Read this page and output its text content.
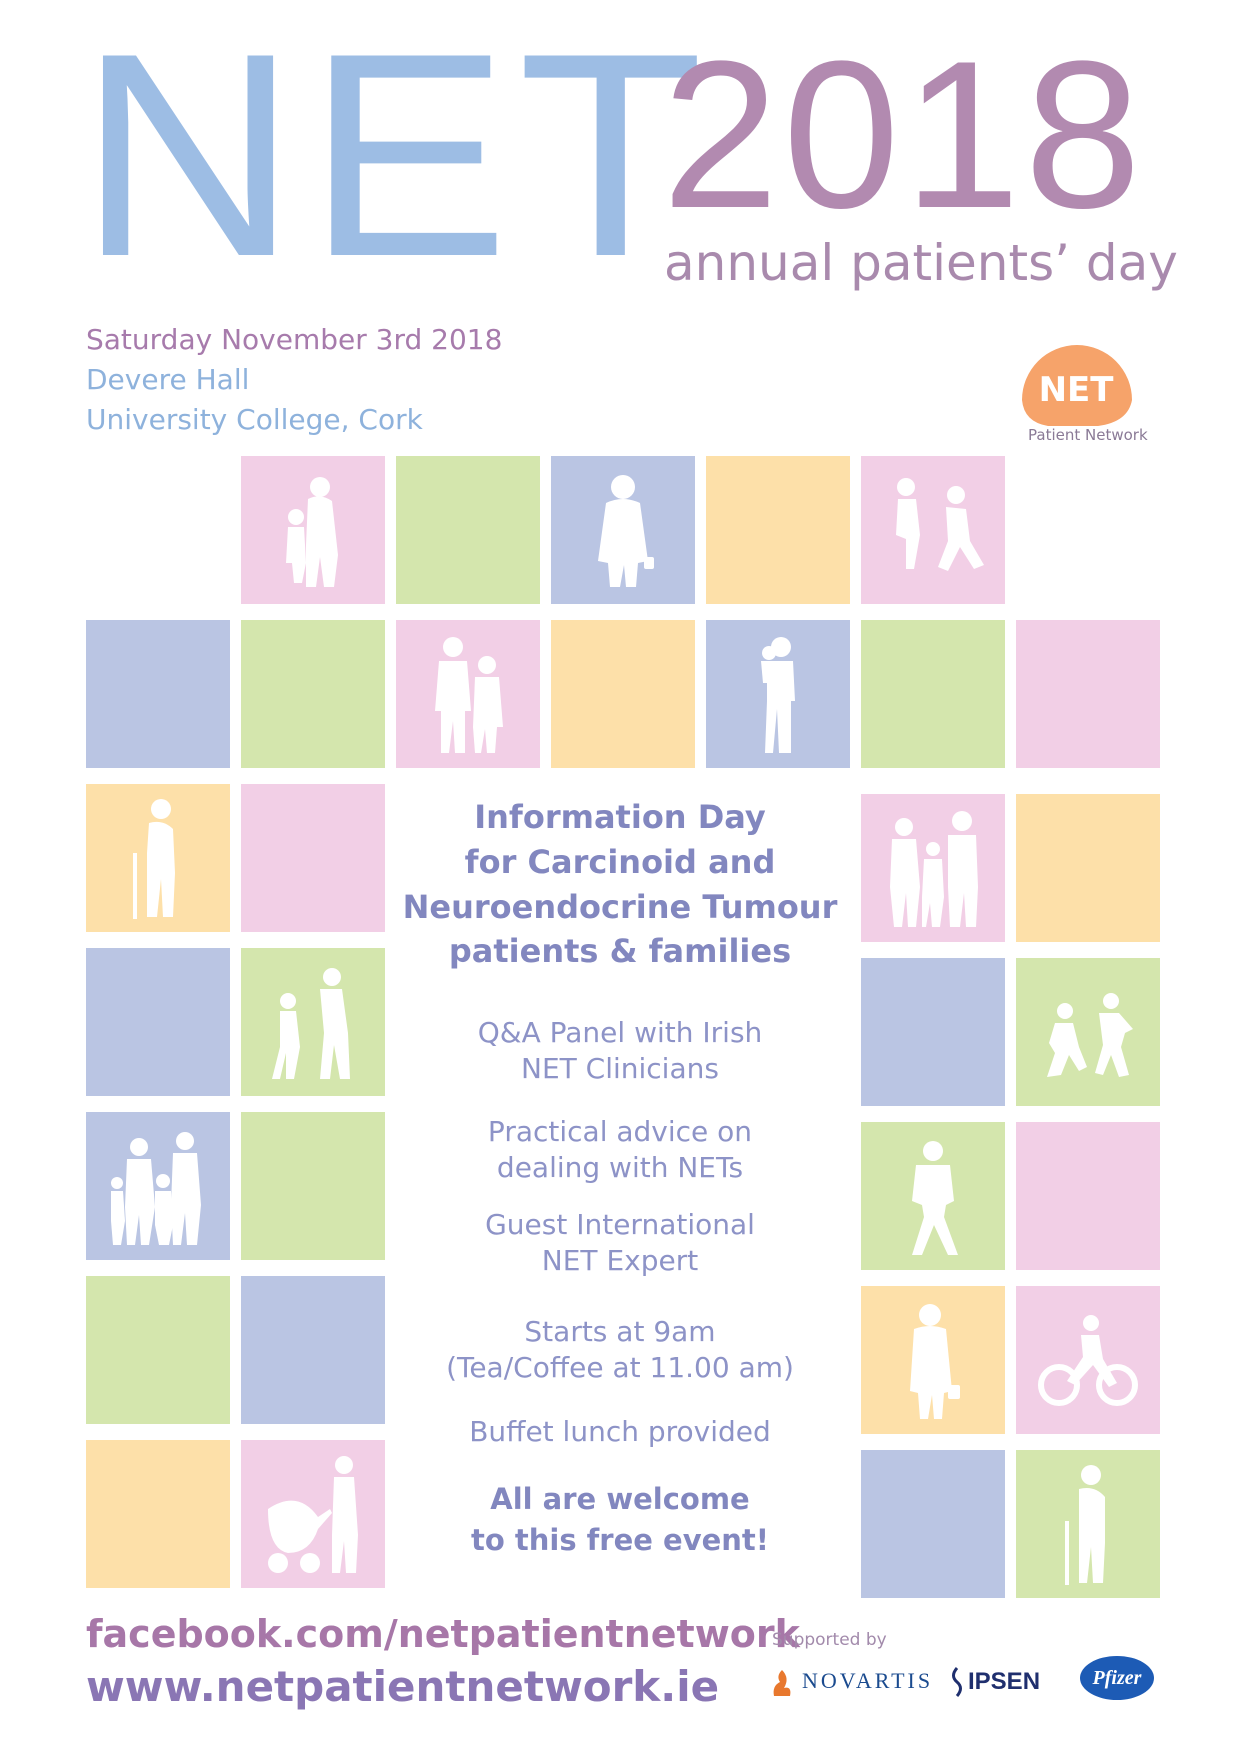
NET
2018
annual patients’ day
Saturday November 3rd 2018
Devere Hall
University College, Cork
NET
Patient Network
Information Day
for Carcinoid and
Neuroendocrine Tumour
patients & families
Q&A Panel with Irish
NET Clinicians
Practical advice on
dealing with NETs
Guest International
NET Expert
Starts at 9am
(Tea/Coffee at 11.00 am)
Buffet lunch provided
All are welcome
to this free event!
facebook.com/netpatientnetwork
www.netpatientnetwork.ie
Supported by
NOVARTIS IPSEN	Pfizer
